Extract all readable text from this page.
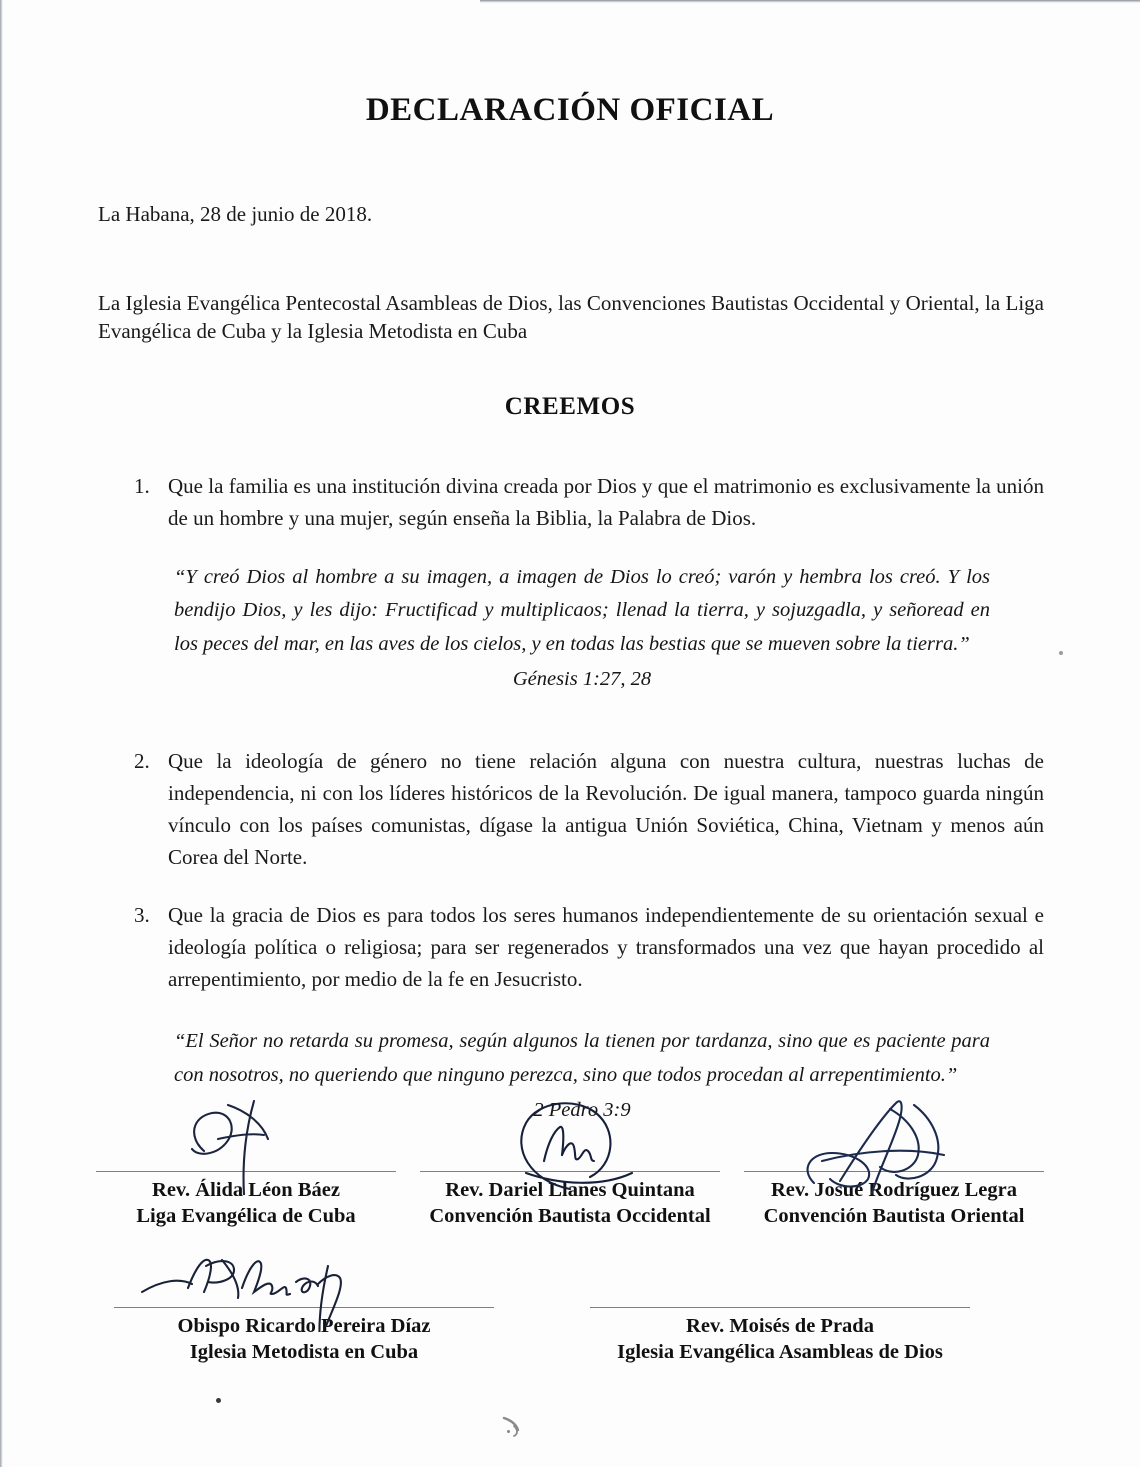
DECLARACIÓN OFICIAL

La Habana, 28 de junio de 2018.

La Iglesia Evangélica Pentecostal Asambleas de Dios, las Convenciones Bautistas Occidental y Oriental, la Liga Evangélica de Cuba y la Iglesia Metodista en Cuba

CREEMOS
1. Que la familia es una institución divina creada por Dios y que el matrimonio es exclusivamente la unión de un hombre y una mujer, según enseña la Biblia, la Palabra de Dios.
“Y creó Dios al hombre a su imagen, a imagen de Dios lo creó; varón y hembra los creó. Y los bendijo Dios, y les dijo: Fructificad y multiplicaos; llenad la tierra, y sojuzgadla, y señoread en los peces del mar, en las aves de los cielos, y en todas las bestias que se mueven sobre la tierra.”
Génesis 1:27, 28
2. Que la ideología de género no tiene relación alguna con nuestra cultura, nuestras luchas de independencia, ni con los líderes históricos de la Revolución. De igual manera, tampoco guarda ningún vínculo con los países comunistas, dígase la antigua Unión Soviética, China, Vietnam y menos aún Corea del Norte.
3. Que la gracia de Dios es para todos los seres humanos independientemente de su orientación sexual e ideología política o religiosa; para ser regenerados y transformados una vez que hayan procedido al arrepentimiento, por medio de la fe en Jesucristo.
“El Señor no retarda su promesa, según algunos la tienen por tardanza, sino que es paciente para con nosotros, no queriendo que ninguno perezca, sino que todos procedan al arrepentimiento.”
2 Pedro 3:9
Rev. Álida Léon Báez
Liga Evangélica de Cuba
Rev. Dariel Llanes Quintana
Convención Bautista Occidental
Rev. Josué Rodríguez Legra
Convención Bautista Oriental
Obispo Ricardo Pereira Díaz
Iglesia Metodista en Cuba
Rev. Moisés de Prada
Iglesia Evangélica Asambleas de Dios
